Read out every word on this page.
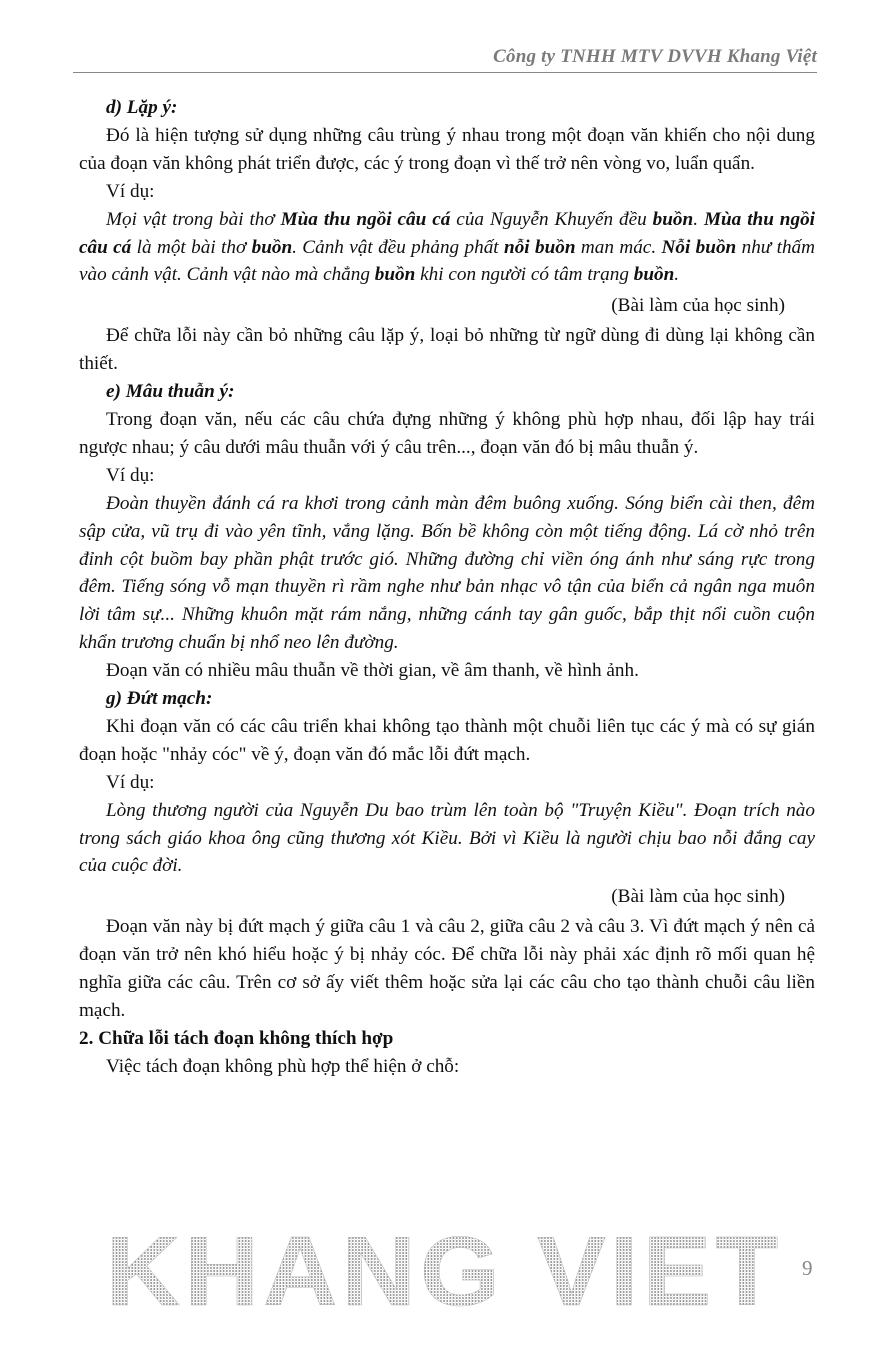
Công ty TNHH MTV DVVH Khang Việt

d) Lặp ý:

Đó là hiện tượng sử dụng những câu trùng ý nhau trong một đoạn văn khiến cho nội dung của đoạn văn không phát triển được, các ý trong đoạn vì thế trở nên vòng vo, luẩn quẩn.

Ví dụ:

Mọi vật trong bài thơ Mùa thu ngồi câu cá của Nguyễn Khuyến đều buồn. Mùa thu ngồi câu cá là một bài thơ buồn. Cảnh vật đều phảng phất nỗi buồn man mác. Nỗi buồn như thấm vào cảnh vật. Cảnh vật nào mà chẳng buồn khi con người có tâm trạng buồn.

(Bài làm của học sinh)

Để chữa lỗi này cần bỏ những câu lặp ý, loại bỏ những từ ngữ dùng đi dùng lại không cần thiết.

e) Mâu thuẫn ý:

Trong đoạn văn, nếu các câu chứa đựng những ý không phù hợp nhau, đối lập hay trái ngược nhau; ý câu dưới mâu thuẫn với ý câu trên..., đoạn văn đó bị mâu thuẫn ý.

Ví dụ:

Đoàn thuyền đánh cá ra khơi trong cảnh màn đêm buông xuống. Sóng biển cài then, đêm sập cửa, vũ trụ đi vào yên tĩnh, vắng lặng. Bốn bề không còn một tiếng động. Lá cờ nhỏ trên đỉnh cột buồm bay phần phật trước gió. Những đường chỉ viền óng ánh như sáng rực trong đêm. Tiếng sóng vỗ mạn thuyền rì rầm nghe như bản nhạc vô tận của biển cả ngân nga muôn lời tâm sự... Những khuôn mặt rám nắng, những cánh tay gân guốc, bắp thịt nổi cuồn cuộn khẩn trương chuẩn bị nhổ neo lên đường.

Đoạn văn có nhiều mâu thuẫn về thời gian, về âm thanh, về hình ảnh.

g) Đứt mạch:

Khi đoạn văn có các câu triển khai không tạo thành một chuỗi liên tục các ý mà có sự gián đoạn hoặc "nhảy cóc" về ý, đoạn văn đó mắc lỗi đứt mạch.

Ví dụ:

Lòng thương người của Nguyễn Du bao trùm lên toàn bộ "Truyện Kiều". Đoạn trích nào trong sách giáo khoa ông cũng thương xót Kiều. Bởi vì Kiều là người chịu bao nỗi đắng cay của cuộc đời.

(Bài làm của học sinh)

Đoạn văn này bị đứt mạch ý giữa câu 1 và câu 2, giữa câu 2 và câu 3. Vì đứt mạch ý nên cả đoạn văn trở nên khó hiểu hoặc ý bị nhảy cóc. Để chữa lỗi này phải xác định rõ mối quan hệ nghĩa giữa các câu. Trên cơ sở ấy viết thêm hoặc sửa lại các câu cho tạo thành chuỗi câu liền mạch.

2. Chữa lỗi tách đoạn không thích hợp

Việc tách đoạn không phù hợp thể hiện ở chỗ:

KHANG VIET 9
